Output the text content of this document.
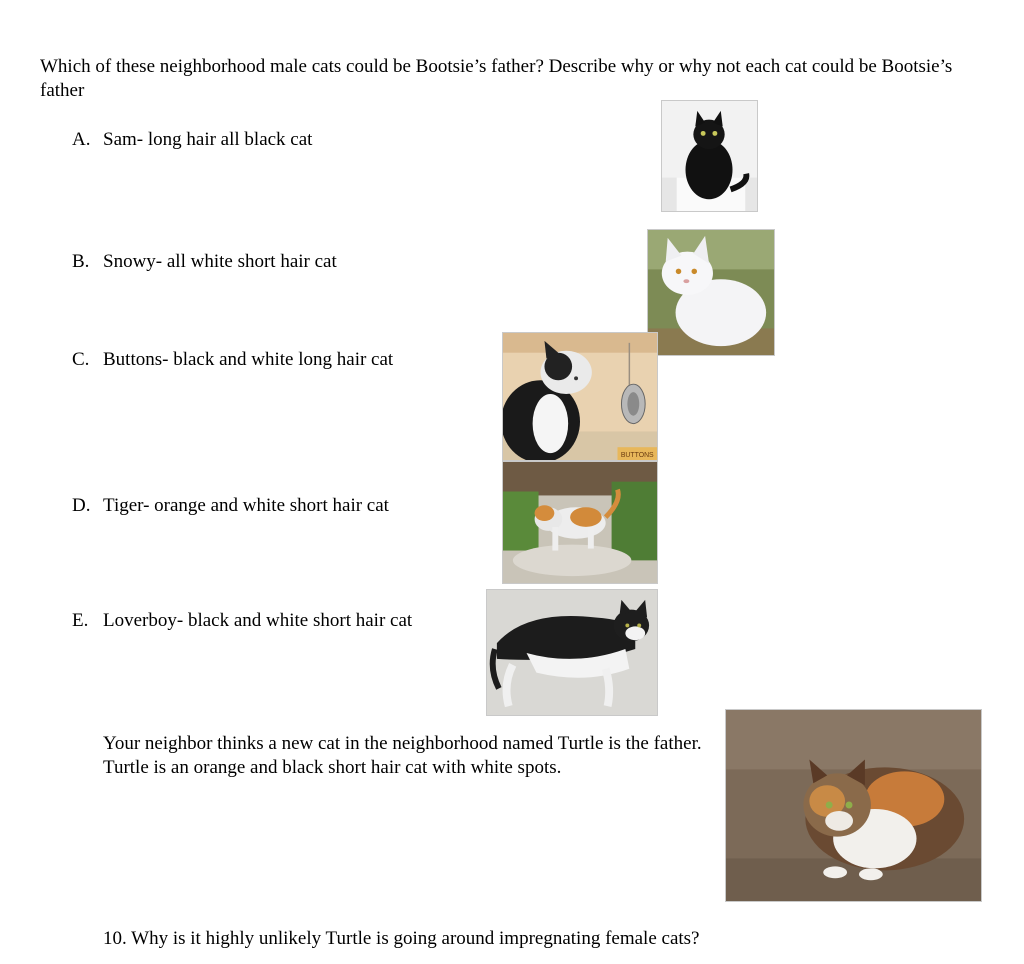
Which of these neighborhood male cats could be Bootsie’s father? Describe why or why not each cat could be Bootsie’s father
A. Sam- long hair all black cat
B. Snowy- all white short hair cat
C. Buttons- black and white long hair cat
D. Tiger- orange and white short hair cat
E. Loverboy- black and white short hair cat
Your neighbor thinks a new cat in the neighborhood named Turtle is the father. Turtle is an orange and black short hair cat with white spots.
10. Why is it highly unlikely Turtle is going around impregnating female cats?
BUTTONS
